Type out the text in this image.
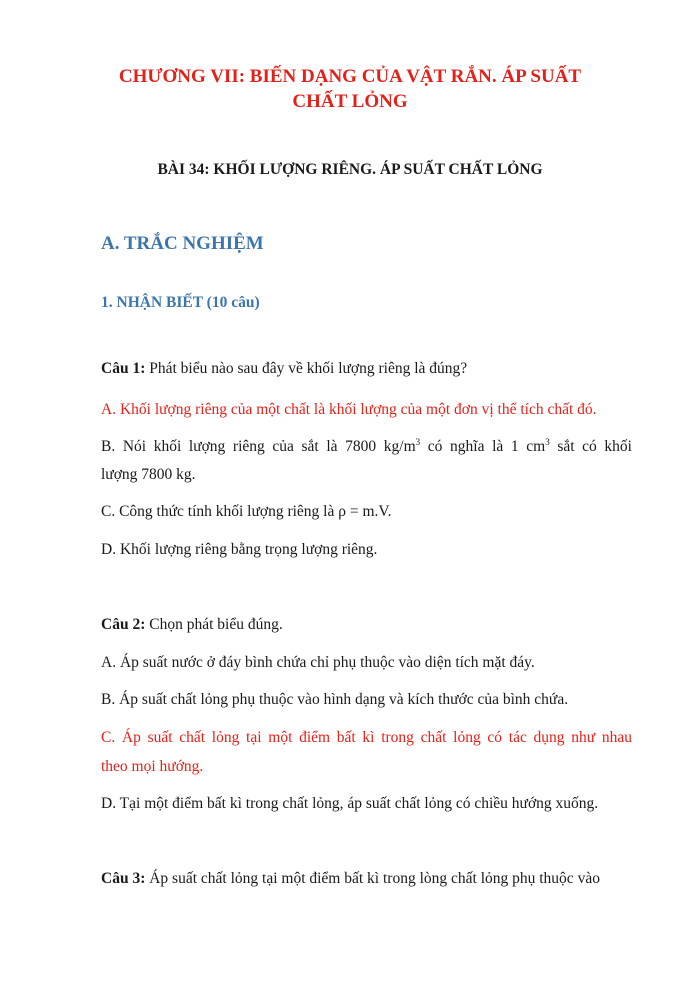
CHƯƠNG VII: BIẾN DẠNG CỦA VẬT RẮN. ÁP SUẤT CHẤT LỎNG
BÀI 34: KHỐI LƯỢNG RIÊNG. ÁP SUẤT CHẤT LỎNG
A. TRẮC NGHIỆM
1. NHẬN BIẾT (10 câu)

Câu 1: Phát biểu nào sau đây về khối lượng riêng là đúng?

A. Khối lượng riêng của một chất là khối lượng của một đơn vị thể tích chất đó.

B. Nói khối lượng riêng của sắt là 7800 $kg/m^3$ có nghĩa là 1 $cm^3$ sắt có khối

lượng 7800 kg.

C. Công thức tính khối lượng riêng là ρ = m.V.

D. Khối lượng riêng bằng trọng lượng riêng.

Câu 2: Chọn phát biểu đúng.

A. Áp suất nước ở đáy bình chứa chỉ phụ thuộc vào diện tích mặt đáy.

B. Áp suất chất lỏng phụ thuộc vào hình dạng và kích thước của bình chứa.

C. Áp suất chất lỏng tại một điểm bất kì trong chất lỏng có tác dụng như nhau

theo mọi hướng.

D. Tại một điểm bất kì trong chất lỏng, áp suất chất lỏng có chiều hướng xuống.

Câu 3: Áp suất chất lỏng tại một điểm bất kì trong lòng chất lỏng phụ thuộc vào
